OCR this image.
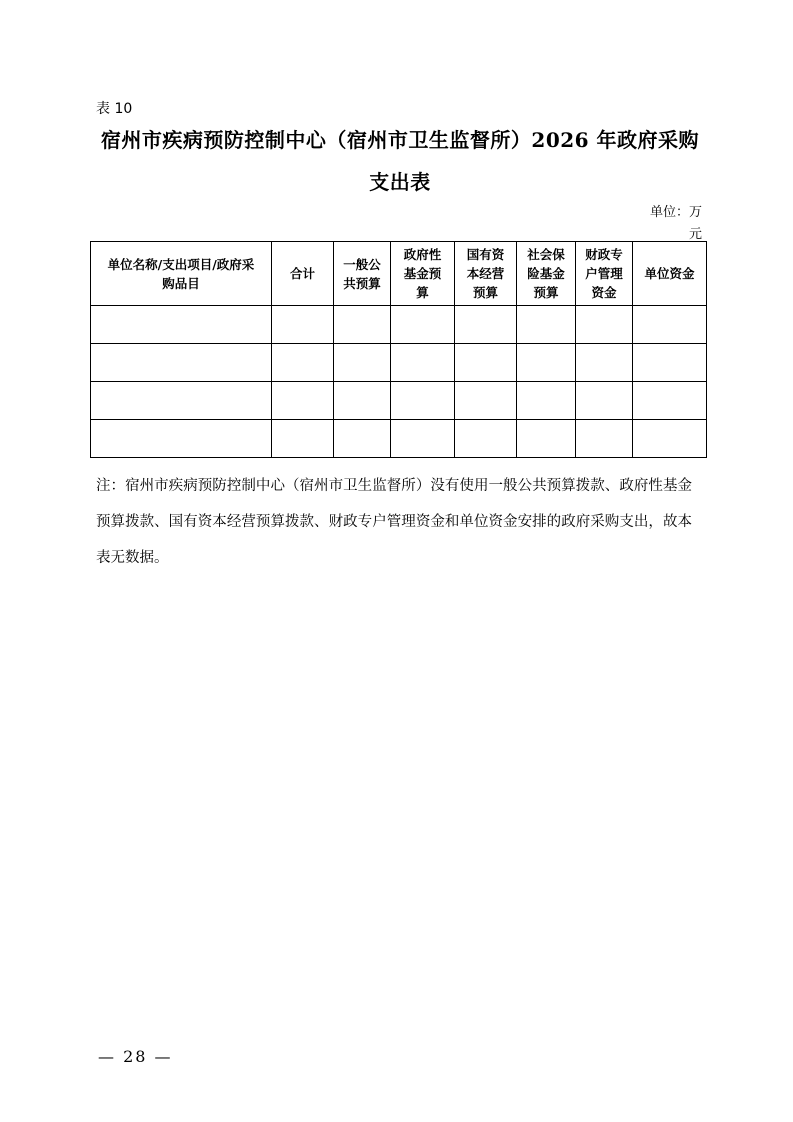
表 10
宿州市疾病预防控制中心（宿州市卫生监督所）2026 年政府采购
支出表
单位：万元
单位名称/支出项目/政府采购品目	合计	一般公共预算	政府性基金预算	国有资本经营预算	社会保险基金预算	财政专户管理资金	单位资金

注：宿州市疾病预防控制中心（宿州市卫生监督所）没有使用一般公共预算拨款、政府性基金预算拨款、国有资本经营预算拨款、财政专户管理资金和单位资金安排的政府采购支出，故本表无数据。
— 28 —
